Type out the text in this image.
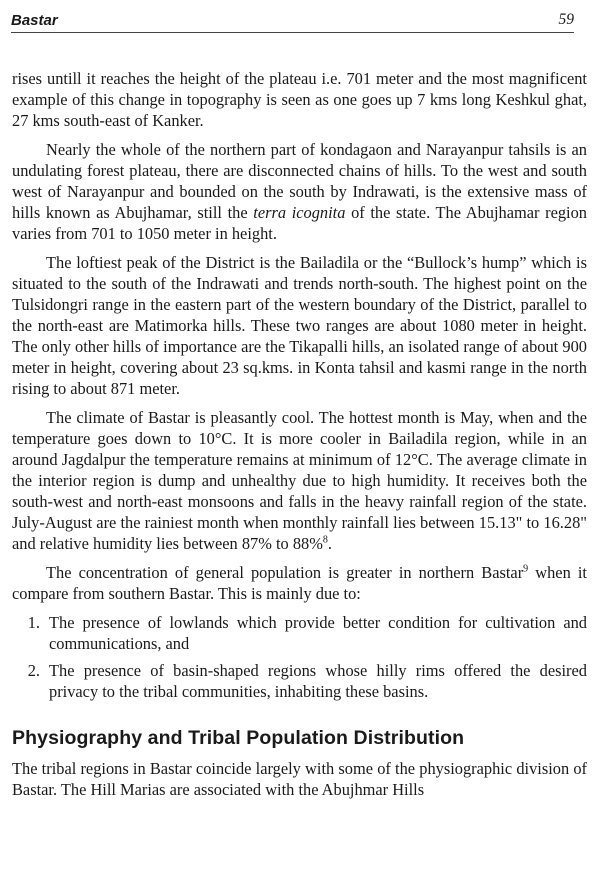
Bastar	59

rises untill it reaches the height of the plateau i.e. 701 meter and the most magnificent example of this change in topography is seen as one goes up 7 kms long Keshkul ghat, 27 kms south-east of Kanker.

Nearly the whole of the northern part of kondagaon and Narayanpur tahsils is an undulating forest plateau, there are disconnected chains of hills. To the west and south west of Narayanpur and bounded on the south by Indrawati, is the extensive mass of hills known as Abujhamar, still the terra icognita of the state. The Abujhamar region varies from 701 to 1050 meter in height.

The loftiest peak of the District is the Bailadila or the “Bullock’s hump” which is situated to the south of the Indrawati and trends north-south. The highest point on the Tulsidongri range in the eastern part of the western boundary of the District, parallel to the north-east are Matimorka hills. These two ranges are about 1080 meter in height. The only other hills of importance are the Tikapalli hills, an isolated range of about 900 meter in height, covering about 23 sq.kms. in Konta tahsil and kasmi range in the north rising to about 871 meter.

The climate of Bastar is pleasantly cool. The hottest month is May, when and the temperature goes down to 10°C. It is more cooler in Bailadila region, while in an around Jagdalpur the temperature remains at minimum of 12°C. The average climate in the interior region is dump and unhealthy due to high humidity. It receives both the south-west and north-east monsoons and falls in the heavy rainfall region of the state. July-August are the rainiest month when monthly rainfall lies between 15.13" to 16.28" and relative humidity lies between 87% to 88%$^8$.

The concentration of general population is greater in northern Bastar$^9$ when it compare from southern Bastar. This is mainly due to:

1. The presence of lowlands which provide better condition for cultivation and communications, and
2. The presence of basin-shaped regions whose hilly rims offered the desired privacy to the tribal communities, inhabiting these basins.
Physiography and Tribal Population Distribution

The tribal regions in Bastar coincide largely with some of the physiographic division of Bastar. The Hill Marias are associated with the Abujhmar Hills
